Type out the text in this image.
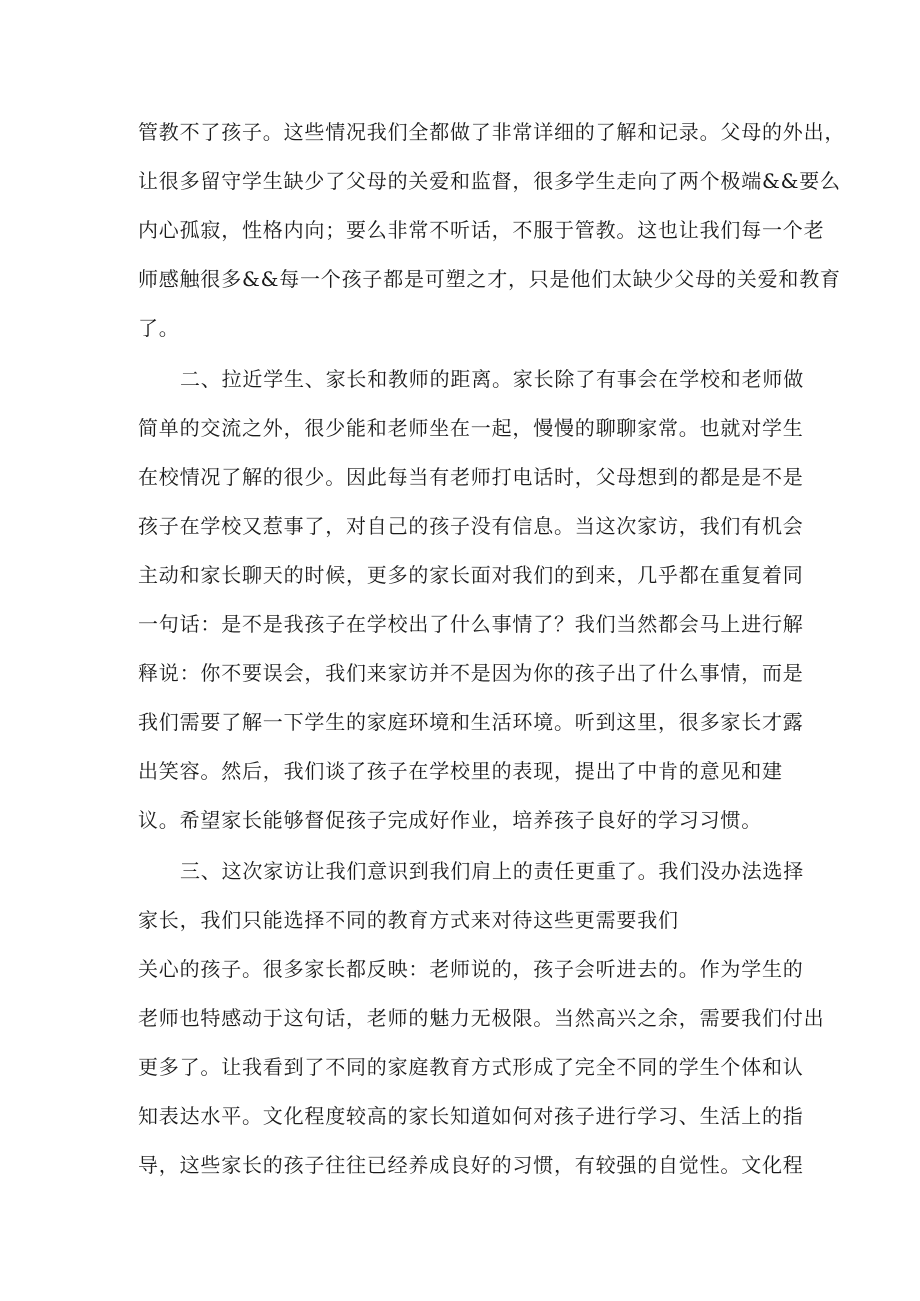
管教不了孩子。这些情况我们全都做了非常详细的了解和记录。父母的外出，
让很多留守学生缺少了父母的关爱和监督，很多学生走向了两个极端&&要么
内心孤寂，性格内向；要么非常不听话，不服于管教。这也让我们每一个老
师感触很多&&每一个孩子都是可塑之才，只是他们太缺少父母的关爱和教育
了。
二、拉近学生、家长和教师的距离。家长除了有事会在学校和老师做
简单的交流之外，很少能和老师坐在一起，慢慢的聊聊家常。也就对学生
在校情况了解的很少。因此每当有老师打电话时，父母想到的都是是不是
孩子在学校又惹事了，对自己的孩子没有信息。当这次家访，我们有机会
主动和家长聊天的时候，更多的家长面对我们的到来，几乎都在重复着同
一句话：是不是我孩子在学校出了什么事情了？我们当然都会马上进行解
释说：你不要误会，我们来家访并不是因为你的孩子出了什么事情，而是
我们需要了解一下学生的家庭环境和生活环境。听到这里，很多家长才露
出笑容。然后，我们谈了孩子在学校里的表现，提出了中肯的意见和建
议。希望家长能够督促孩子完成好作业，培养孩子良好的学习习惯。
三、这次家访让我们意识到我们肩上的责任更重了。我们没办法选择
家长，我们只能选择不同的教育方式来对待这些更需要我们
关心的孩子。很多家长都反映：老师说的，孩子会听进去的。作为学生的
老师也特感动于这句话，老师的魅力无极限。当然高兴之余，需要我们付出
更多了。让我看到了不同的家庭教育方式形成了完全不同的学生个体和认
知表达水平。文化程度较高的家长知道如何对孩子进行学习、生活上的指
导，这些家长的孩子往往已经养成良好的习惯，有较强的自觉性。文化程
